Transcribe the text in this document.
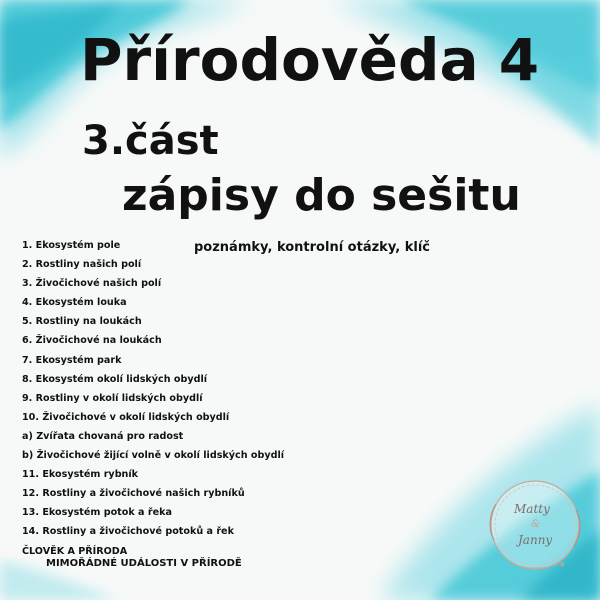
Přírodověda 4
3.část
zápisy do sešitu
poznámky, kontrolní otázky, klíč
1. Ekosystém pole
2. Rostliny našich polí
3. Živočichové našich polí
4. Ekosystém louka
5. Rostliny na loukách
6. Živočichové na loukách
7. Ekosystém park
8. Ekosystém okolí lidských obydlí
9. Rostliny v okolí lidských obydlí
10. Živočichové v okolí lidských obydlí
a) Zvířata chovaná pro radost
b) Živočichové žijící volně v okolí lidských obydlí
11. Ekosystém rybník
12. Rostliny a živočichové našich rybníků
13. Ekosystém potok a řeka
14. Rostliny a živočichové potoků a řek
ČLOVĚK A PŘÍRODA
MIMOŘÁDNÉ UDÁLOSTI V PŘÍRODĚ
Matty
&
Janny
